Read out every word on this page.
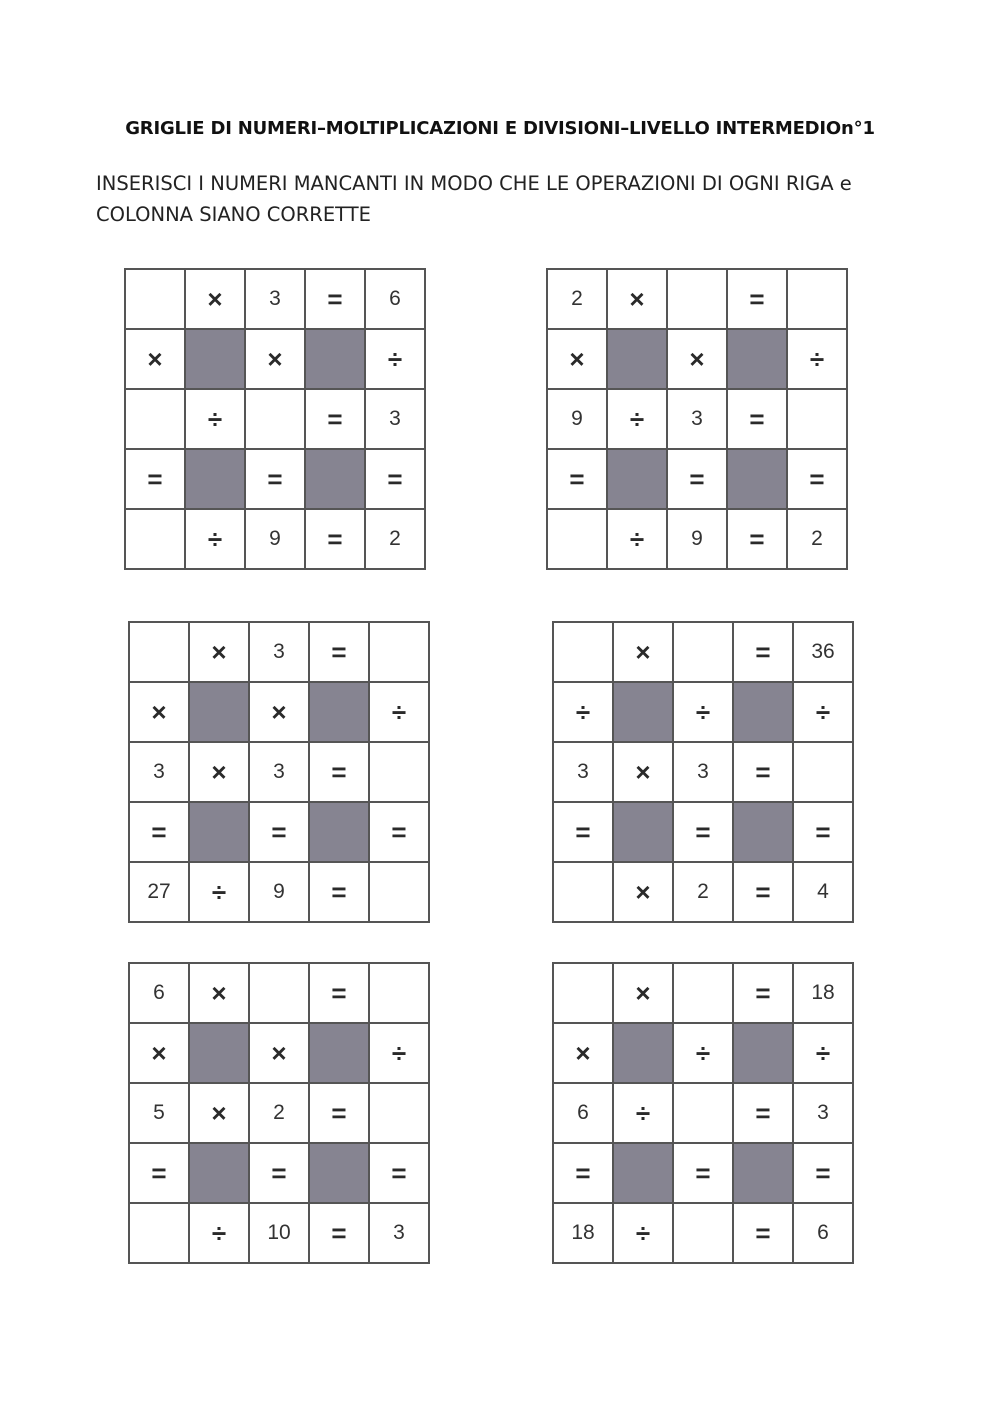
GRIGLIE DI NUMERI–MOLTIPLICAZIONI E DIVISIONI–LIVELLO INTERMEDIOn°1
INSERISCI I NUMERI MANCANTI IN MODO CHE LE OPERAZIONI DI OGNI RIGA e COLONNA SIANO CORRETTE
	×	3	=	6
×		×		÷
	÷		=	3
=		=		=
	÷	9	=	2
2	×		=	
×		×		÷
9	÷	3	=	
=		=		=
	÷	9	=	2
	×	3	=	
×		×		÷
3	×	3	=	
=		=		=
27	÷	9	=	
	×		=	36
÷		÷		÷
3	×	3	=	
=		=		=
	×	2	=	4
6	×		=	
×		×		÷
5	×	2	=	
=		=		=
	÷	10	=	3
	×		=	18
×		÷		÷
6	÷		=	3
=		=		=
18	÷		=	6
